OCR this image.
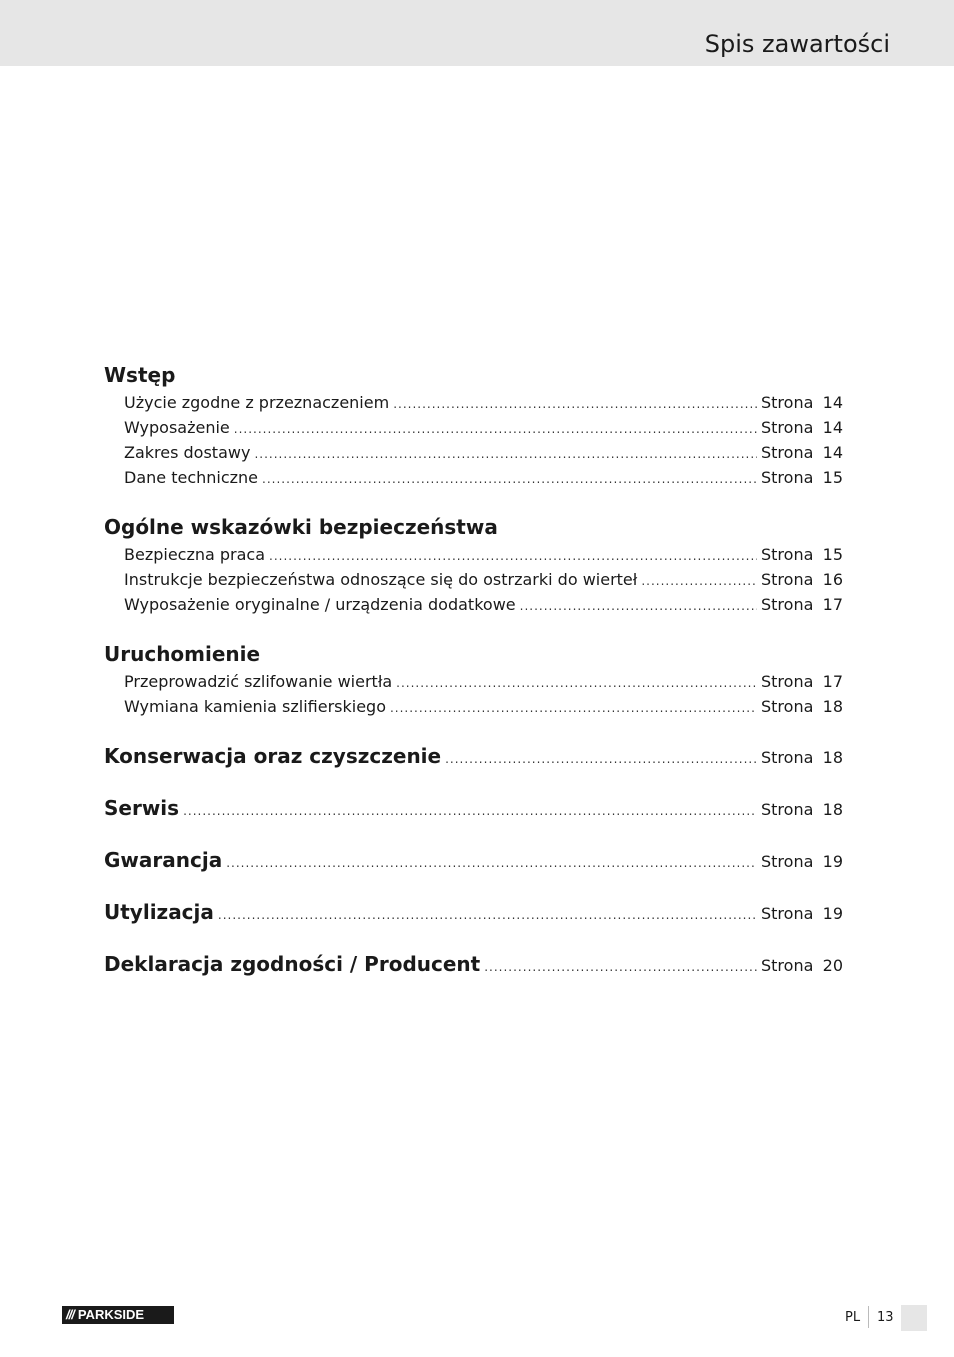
Spis zawartości
Wstęp
Użycie zgodne z przeznaczeniem .....	Strona 14
Wyposażenie .....	Strona 14
Zakres dostawy .....	Strona 14
Dane techniczne .....	Strona 15
Ogólne wskazówki bezpieczeństwa
Bezpieczna praca .....	Strona 15
Instrukcje bezpieczeństwa odnoszące się do ostrzarki do wierteł .....	Strona 16
Wyposażenie oryginalne / urządzenia dodatkowe .....	Strona 17
Uruchomienie
Przeprowadzić szlifowanie wiertła .....	Strona 17
Wymiana kamienia szlifierskiego .....	Strona 18
Konserwacja oraz czyszczenie .....	Strona 18
Serwis .....	Strona 18
Gwarancja .....	Strona 19
Utylizacja .....	Strona 19
Deklaracja zgodności / Producent .....	Strona 20
/// PARKSIDE	PL 13
